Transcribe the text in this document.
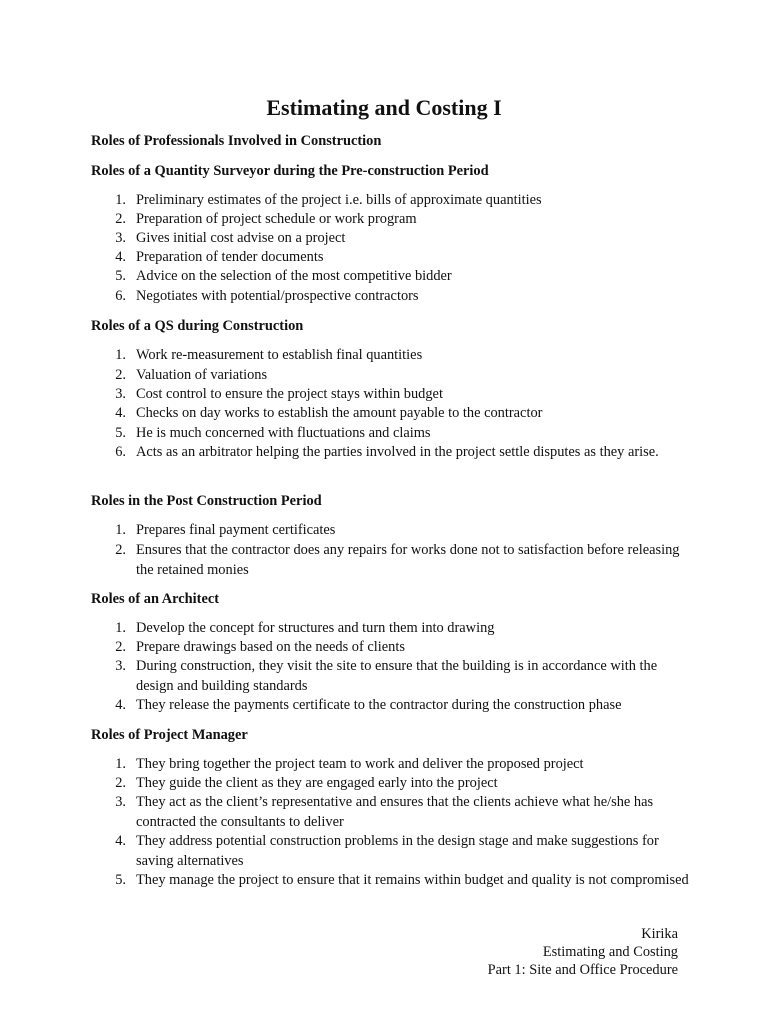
Estimating and Costing I
Roles of Professionals Involved in Construction
Roles of a Quantity Surveyor during the Pre-construction Period
1. Preliminary estimates of the project i.e. bills of approximate quantities
2. Preparation of project schedule or work program
3. Gives initial cost advise on a project
4. Preparation of tender documents
5. Advice on the selection of the most competitive bidder
6. Negotiates with potential/prospective contractors
Roles of a QS during Construction
1. Work re-measurement to establish final quantities
2. Valuation of variations
3. Cost control to ensure the project stays within budget
4. Checks on day works to establish the amount payable to the contractor
5. He is much concerned with fluctuations and claims
6. Acts as an arbitrator helping the parties involved in the project settle disputes as they arise.
Roles in the Post Construction Period
1. Prepares final payment certificates
2. Ensures that the contractor does any repairs for works done not to satisfaction before releasing the retained monies
Roles of an Architect
1. Develop the concept for structures and turn them into drawing
2. Prepare drawings based on the needs of clients
3. During construction, they visit the site to ensure that the building is in accordance with the design and building standards
4. They release the payments certificate to the contractor during the construction phase
Roles of Project Manager
1. They bring together the project team to work and deliver the proposed project
2. They guide the client as they are engaged early into the project
3. They act as the client’s representative and ensures that the clients achieve what he/she has contracted the consultants to deliver
4. They address potential construction problems in the design stage and make suggestions for saving alternatives
5. They manage the project to ensure that it remains within budget and quality is not compromised
Kirika
Estimating and Costing
Part 1: Site and Office Procedure
